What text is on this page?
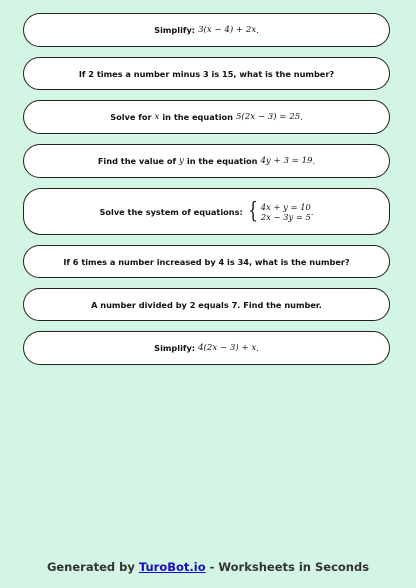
Simplify: 3(x − 4) + 2x .
If 2 times a number minus 3 is 15, what is the number?
Solve for x in the equation 5(2x − 3) = 25 .
Find the value of y in the equation 4y + 3 = 19 .
Solve the system of equations: { 4x + y = 10
2x − 3y = 5 .
If 6 times a number increased by 4 is 34, what is the number?
A number divided by 2 equals 7. Find the number.
Simplify: 4(2x − 3) + x .
Generated by TuroBot.io - Worksheets in Seconds
